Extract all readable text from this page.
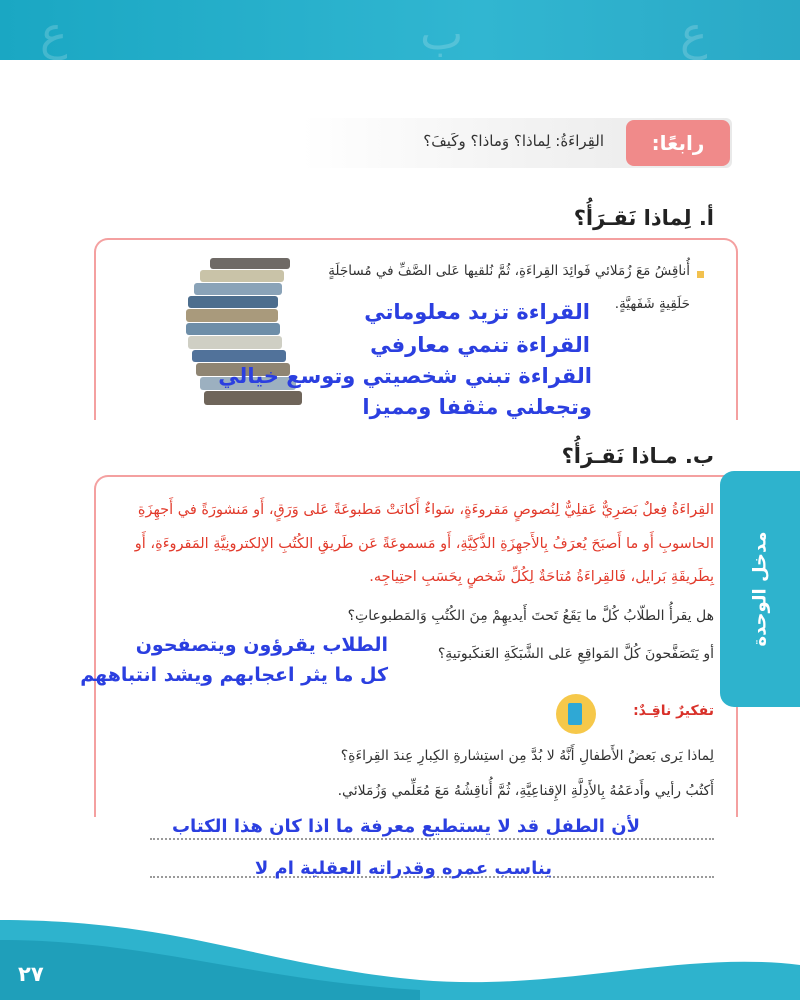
ع	ب	ع
رابعًا:
القِراءَةُ: لِماذا؟ وَماذا؟ وكَيفَ؟
أ. لِماذا نَقـرَأُ؟
أُناقِشُ مَعَ زُمَلائي فَوائِدَ القِراءَةِ، ثُمَّ نُلقيها عَلى الصَّفِّ في مُساجَلَةٍ
حَلَقِيةٍ شَفَهيَّةٍ.
القراءة تزيد معلوماتي
القراءة تنمي معارفي
القراءة تبني شخصيتي وتوسع خيالي
وتجعلني مثقفا ومميزا
ب. مـاذا نَقـرَأُ؟
القِراءَةُ فِعلٌ بَصَرِيٌّ عَقلِيٌّ لِنُصوصٍ مَقروءَةٍ، سَواءٌ أَكانَتْ مَطبوعَةً عَلى وَرَقٍ، أَو مَنشورَةً في أَجهِزَةِ
الحاسوبِ أَو ما أَصبَحَ يُعرَفُ بِالأَجهِزَةِ الذَّكِيَّةِ، أَو مَسموعَةً عَن طَريقِ الكُتُبِ الإلكترونِيَّةِ المَقروءَةِ، أَو
بِطَريقَةِ بَرايل، فَالقِراءَةُ مُتاحَةٌ لِكُلِّ شَخصٍ بِحَسَبِ احتِياجِه.
هل يقرأُ الطلّابُ كُلَّ ما يَقَعُ تَحتَ أَيديهِمْ مِنَ الكُتُبِ وَالمَطبوعاتِ؟
أو يَتَصَفَّحونَ كُلَّ المَواقِعِ عَلى الشَّبَكَةِ العَنكَبوتيةِ؟
الطلاب يقرؤون ويتصفحون
كل ما يثر اعجابهم ويشد انتباههم
تفكيرٌ ناقِـدٌ:
لِماذا يَرى بَعضُ الأَطفالِ أَنَّهُ لا بُدَّ مِن استِشارةِ الكِبارِ عِندَ القِراءَةِ؟
أَكتُبُ رأيي وأَدعَمُهُ بِالأَدِلَّةِ الإِقناعِيَّةِ، ثُمَّ أُناقِشُهُ مَعَ مُعَلِّمي وَزُمَلائي.
لأن الطفل قد لا يستطيع معرفة ما اذا كان هذا الكتاب
يناسب عمره وقدراته العقلية ام لا
مدخل الوحدة
٢٧
